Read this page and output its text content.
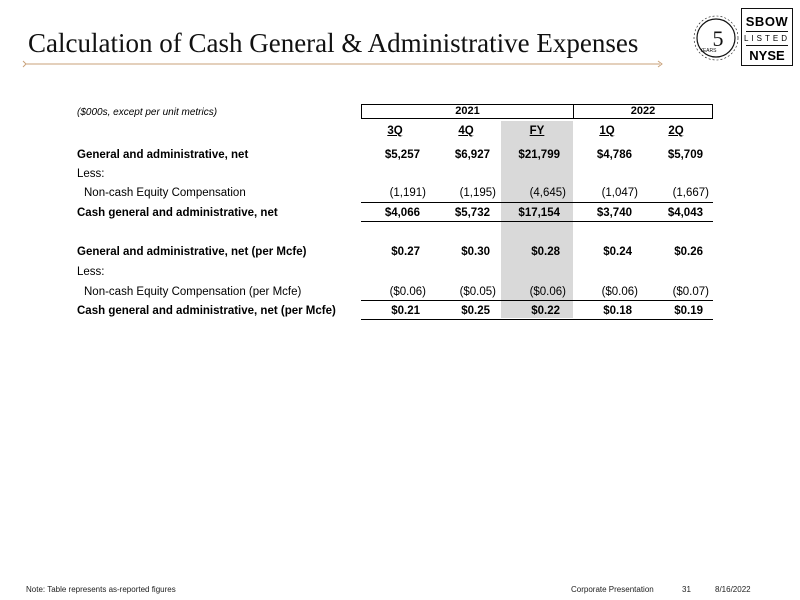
Calculation of Cash General & Administrative Expenses	5
YEARS
SBOW
LISTED
NYSE
($000s, except per unit metrics)	2021	2022
3Q	4Q	FY	1Q	2Q
General and administrative, net	$5,257	$6,927	$21,799	$4,786	$5,709
Less:
Non-cash Equity Compensation	(1,191)	(1,195)	(4,645)	(1,047)	(1,667)
Cash general and administrative, net	$4,066	$5,732	$17,154	$3,740	$4,043
General and administrative, net (per Mcfe)	$0.27	$0.30	$0.28	$0.24	$0.26
Less:
Non-cash Equity Compensation (per Mcfe)	($0.06)	($0.05)	($0.06)	($0.06)	($0.07)
Cash general and administrative, net (per Mcfe)	$0.21	$0.25	$0.22	$0.18	$0.19
Note: Table represents as-reported figures	Corporate Presentation	31	8/16/2022
